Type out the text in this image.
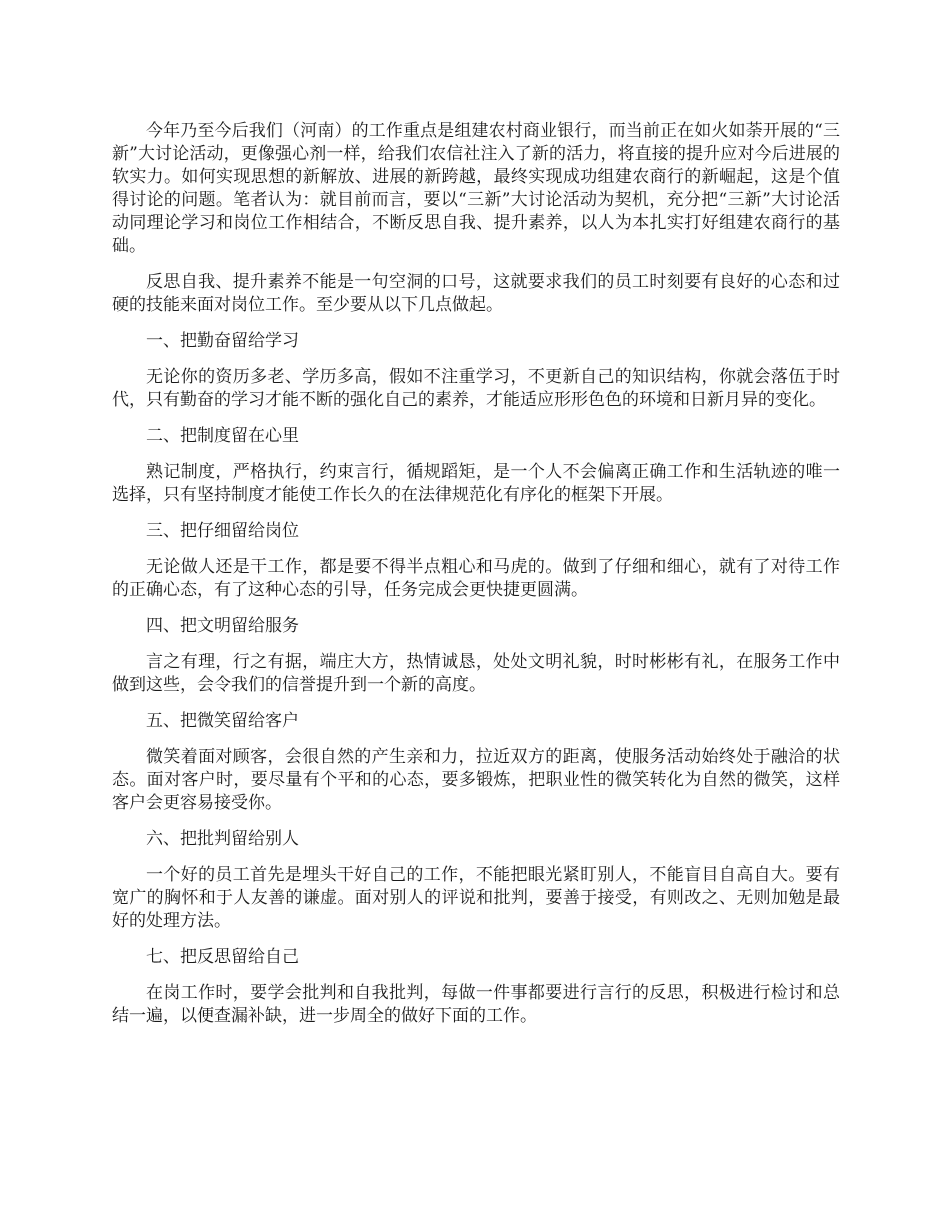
今年乃至今后我们（河南）的工作重点是组建农村商业银行，而当前正在如火如荼开展的“三新”大讨论活动，更像强心剂一样，给我们农信社注入了新的活力，将直接的提升应对今后进展的软实力。如何实现思想的新解放、进展的新跨越，最终实现成功组建农商行的新崛起，这是个值得讨论的问题。笔者认为：就目前而言，要以“三新”大讨论活动为契机，充分把“三新”大讨论活动同理论学习和岗位工作相结合，不断反思自我、提升素养，以人为本扎实打好组建农商行的基础。

反思自我、提升素养不能是一句空洞的口号，这就要求我们的员工时刻要有良好的心态和过硬的技能来面对岗位工作。至少要从以下几点做起。

一、把勤奋留给学习

无论你的资历多老、学历多高，假如不注重学习，不更新自己的知识结构，你就会落伍于时代，只有勤奋的学习才能不断的强化自己的素养，才能适应形形色色的环境和日新月异的变化。

二、把制度留在心里

熟记制度，严格执行，约束言行，循规蹈矩，是一个人不会偏离正确工作和生活轨迹的唯一选择，只有坚持制度才能使工作长久的在法律规范化有序化的框架下开展。

三、把仔细留给岗位

无论做人还是干工作，都是要不得半点粗心和马虎的。做到了仔细和细心，就有了对待工作的正确心态，有了这种心态的引导，任务完成会更快捷更圆满。

四、把文明留给服务

言之有理，行之有据，端庄大方，热情诚恳，处处文明礼貌，时时彬彬有礼，在服务工作中做到这些，会令我们的信誉提升到一个新的高度。

五、把微笑留给客户

微笑着面对顾客，会很自然的产生亲和力，拉近双方的距离，使服务活动始终处于融洽的状态。面对客户时，要尽量有个平和的心态，要多锻炼，把职业性的微笑转化为自然的微笑，这样客户会更容易接受你。

六、把批判留给别人

一个好的员工首先是埋头干好自己的工作，不能把眼光紧盯别人，不能盲目自高自大。要有宽广的胸怀和于人友善的谦虚。面对别人的评说和批判，要善于接受，有则改之、无则加勉是最好的处理方法。

七、把反思留给自己

在岗工作时，要学会批判和自我批判，每做一件事都要进行言行的反思，积极进行检讨和总结一遍，以便查漏补缺，进一步周全的做好下面的工作。
